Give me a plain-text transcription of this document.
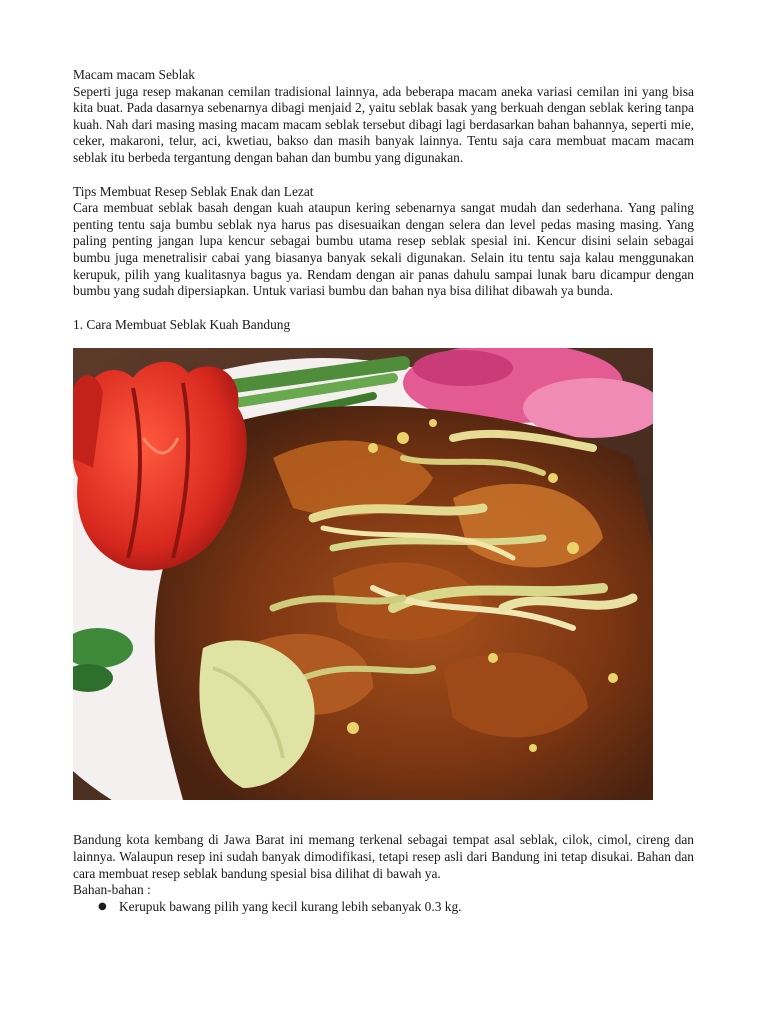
Macam macam Seblak

Seperti juga resep makanan cemilan tradisional lainnya, ada beberapa macam aneka variasi cemilan ini yang bisa kita buat. Pada dasarnya sebenarnya dibagi menjaid 2, yaitu seblak basak yang berkuah dengan seblak kering tanpa kuah. Nah dari masing masing macam macam seblak tersebut dibagi lagi berdasarkan bahan bahannya, seperti mie, ceker, makaroni, telur, aci, kwetiau, bakso dan masih banyak lainnya. Tentu saja cara membuat macam macam seblak itu berbeda tergantung dengan bahan dan bumbu yang digunakan.

Tips Membuat Resep Seblak Enak dan Lezat

Cara membuat seblak basah dengan kuah ataupun kering sebenarnya sangat mudah dan sederhana. Yang paling penting tentu saja bumbu seblak nya harus pas disesuaikan dengan selera dan level pedas masing masing. Yang paling penting jangan lupa kencur sebagai bumbu utama resep seblak spesial ini. Kencur disini selain sebagai bumbu juga menetralisir cabai yang biasanya banyak sekali digunakan. Selain itu tentu saja kalau menggunakan kerupuk, pilih yang kualitasnya bagus ya. Rendam dengan air panas dahulu sampai lunak baru dicampur dengan bumbu yang sudah dipersiapkan. Untuk variasi bumbu dan bahan nya bisa dilihat dibawah ya bunda.

1. Cara Membuat Seblak Kuah Bandung

Bandung kota kembang di Jawa Barat ini memang terkenal sebagai tempat asal seblak, cilok, cimol, cireng dan lainnya. Walaupun resep ini sudah banyak dimodifikasi, tetapi resep asli dari Bandung ini tetap disukai. Bahan dan cara membuat resep seblak bandung spesial bisa dilihat di bawah ya.

Bahan-bahan :

● Kerupuk bawang pilih yang kecil kurang lebih sebanyak 0.3 kg.
